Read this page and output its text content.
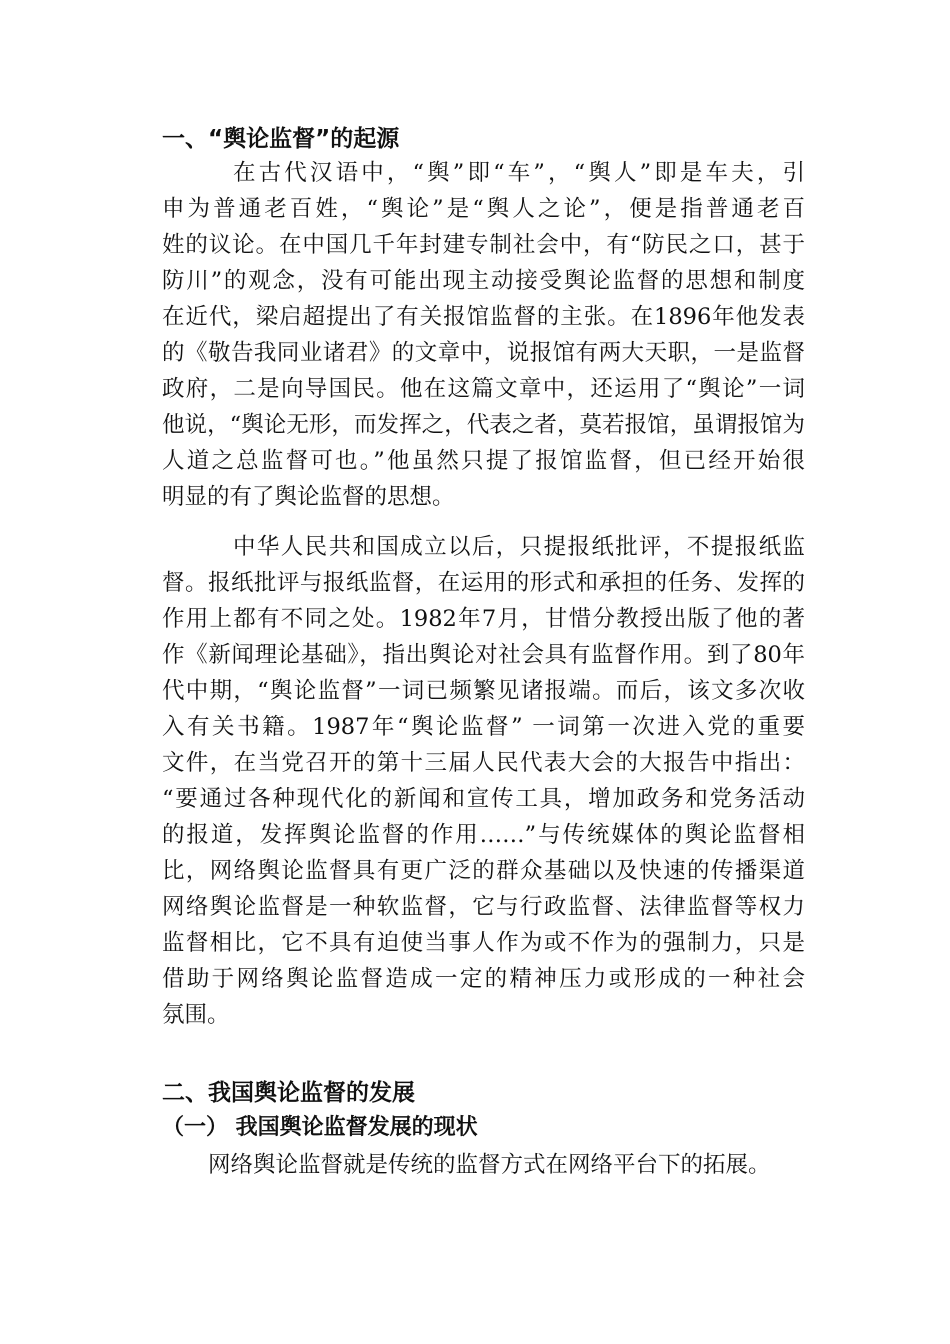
一、“舆论监督”的起源
在古代汉语中，“舆”即“车”，“舆人”即是车夫，引
申为普通老百姓，“舆论”是“舆人之论”，便是指普通老百
姓的议论。在中国几千年封建专制社会中，有“防民之口，甚于
防川”的观念，没有可能出现主动接受舆论监督的思想和制度
在近代，梁启超提出了有关报馆监督的主张。在1896年他发表
的《敬告我同业诸君》的文章中，说报馆有两大天职，一是监督
政府，二是向导国民。他在这篇文章中，还运用了“舆论”一词
他说，“舆论无形，而发挥之，代表之者，莫若报馆，虽谓报馆为
人道之总监督可也。”他虽然只提了报馆监督，但已经开始很
明显的有了舆论监督的思想。
中华人民共和国成立以后，只提报纸批评，不提报纸监
督。报纸批评与报纸监督，在运用的形式和承担的任务、发挥的
作用上都有不同之处。1982年7月，甘惜分教授出版了他的著
作《新闻理论基础》，指出舆论对社会具有监督作用。到了80年
代中期，“舆论监督”一词已频繁见诸报端。而后，该文多次收
入有关书籍。1987年“舆论监督” 一词第一次进入党的重要
文件，在当党召开的第十三届人民代表大会的大报告中指出：
“要通过各种现代化的新闻和宣传工具，增加政务和党务活动
的报道，发挥舆论监督的作用……”与传统媒体的舆论监督相
比，网络舆论监督具有更广泛的群众基础以及快速的传播渠道
网络舆论监督是一种软监督，它与行政监督、法律监督等权力
监督相比，它不具有迫使当事人作为或不作为的强制力，只是
借助于网络舆论监督造成一定的精神压力或形成的一种社会
氛围。
二、我国舆论监督的发展
（一） 我国舆论监督发展的现状
网络舆论监督就是传统的监督方式在网络平台下的拓展。
